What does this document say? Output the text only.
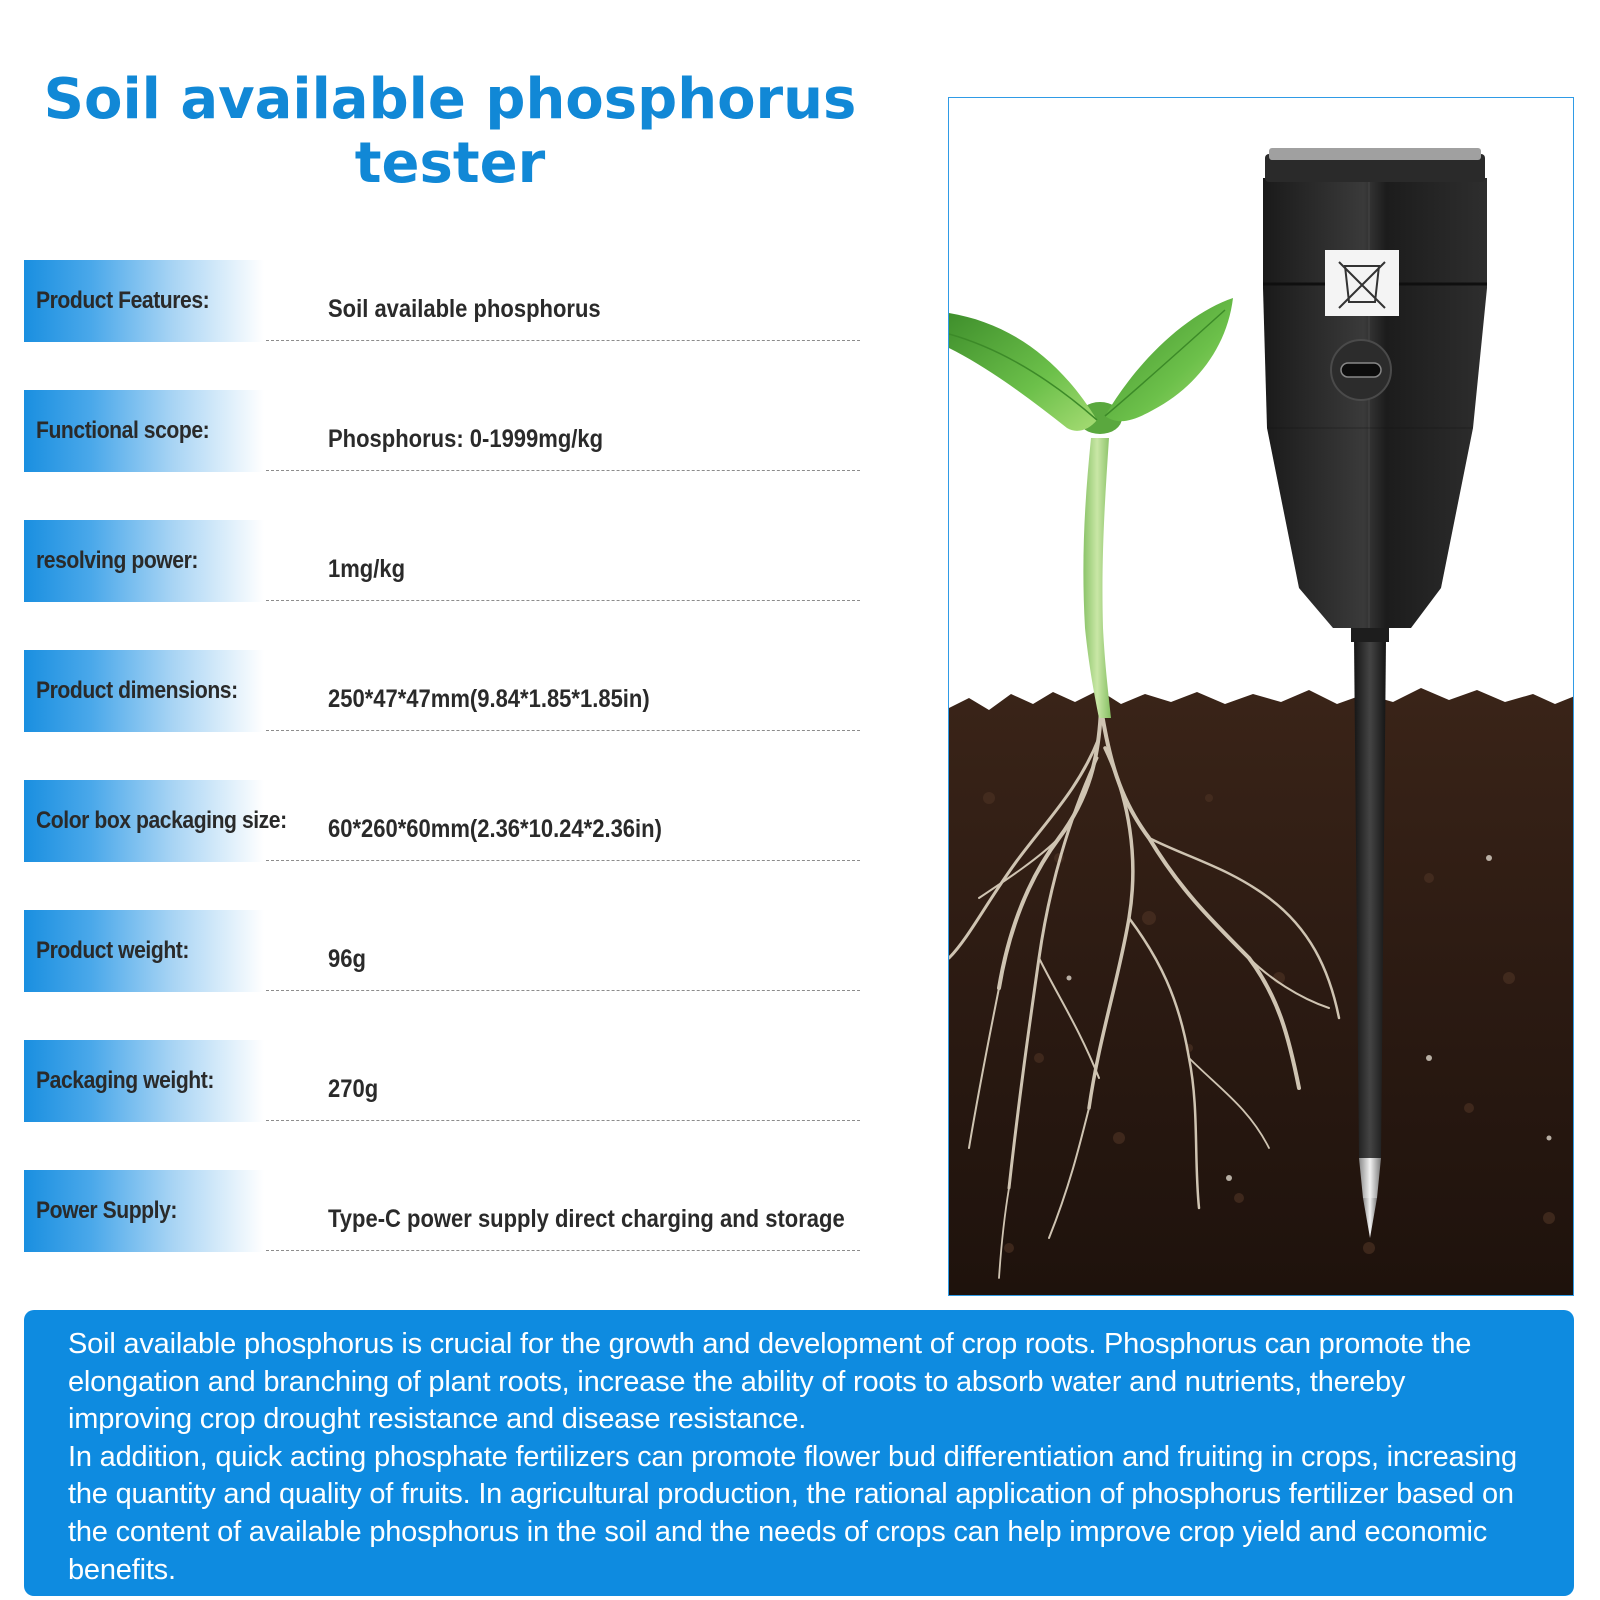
Soil available phosphorus tester
Product Features:	Soil available phosphorus
Functional scope:	Phosphorus: 0-1999mg/kg
resolving power:	1mg/kg
Product dimensions:	250*47*47mm(9.84*1.85*1.85in)
Color box packaging size: 60*260*60mm(2.36*10.24*2.36in)
Product weight:	96g
Packaging weight:	270g
Power Supply:	Type-C power supply direct charging and storage

Soil available phosphorus is crucial for the growth and development of crop roots. Phosphorus can promote the elongation and branching of plant roots, increase the ability of roots to absorb water and nutrients, thereby improving crop drought resistance and disease resistance.

In addition, quick acting phosphate fertilizers can promote flower bud differentiation and fruiting in crops, increasing the quantity and quality of fruits. In agricultural production, the rational application of phosphorus fertilizer based on the content of available phosphorus in the soil and the needs of crops can help improve crop yield and economic benefits.
